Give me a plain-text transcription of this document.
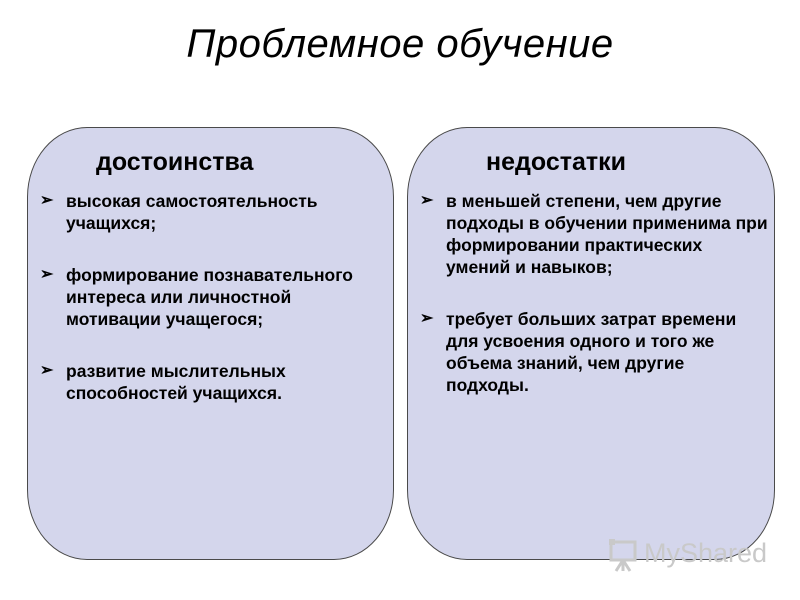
Проблемное обучение
достоинства
➢ высокая самостоятельность учащихся;
➢ формирование познавательного интереса или личностной мотивации учащегося;
➢ развитие мыслительных способностей учащихся.
недостатки
➢ в меньшей степени, чем другие подходы в обучении применима при формировании практических умений и навыков;
➢ требует больших затрат времени для усвоения одного и того же объема знаний, чем другие подходы.
MyShared
